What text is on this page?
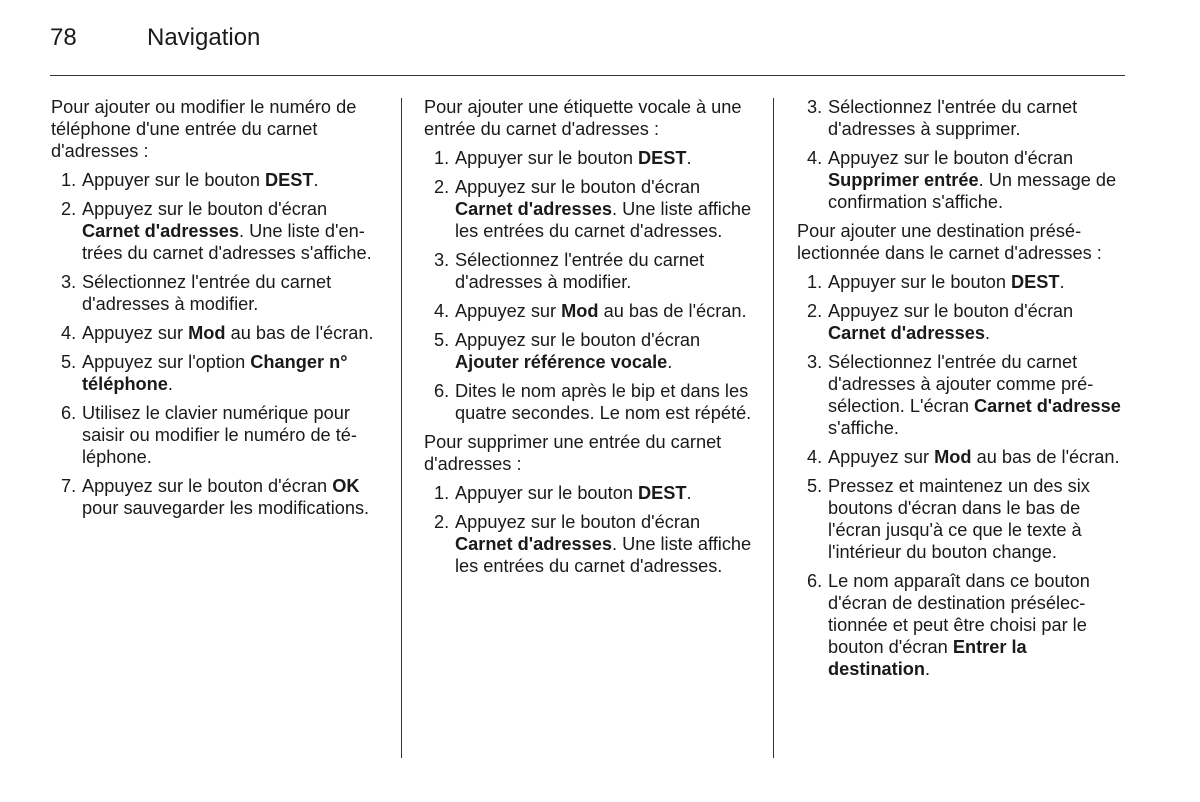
78	Navigation

Pour ajouter ou modifier le numéro de téléphone d'une entrée du carnet d'adresses :

1. Appuyer sur le bouton DEST.
2. Appuyez sur le bouton d'écran Carnet d'adresses. Une liste d'entrées du carnet d'adresses s'affiche.
3. Sélectionnez l'entrée du carnet d'adresses à modifier.
4. Appuyez sur Mod au bas de l'écran.
5. Appuyez sur l'option Changer n° téléphone.
6. Utilisez le clavier numérique pour saisir ou modifier le numéro de téléphone.
7. Appuyez sur le bouton d'écran OK pour sauvegarder les modifications.

Pour ajouter une étiquette vocale à une entrée du carnet d'adresses :

1. Appuyer sur le bouton DEST.
2. Appuyez sur le bouton d'écran Carnet d'adresses. Une liste affiche les entrées du carnet d'adresses.
3. Sélectionnez l'entrée du carnet d'adresses à modifier.
4. Appuyez sur Mod au bas de l'écran.
5. Appuyez sur le bouton d'écran Ajouter référence vocale.
6. Dites le nom après le bip et dans les quatre secondes. Le nom est répété.

Pour supprimer une entrée du carnet d'adresses :

1. Appuyer sur le bouton DEST.
2. Appuyez sur le bouton d'écran Carnet d'adresses. Une liste affiche les entrées du carnet d'adresses.
3. Sélectionnez l'entrée du carnet d'adresses à supprimer.
4. Appuyez sur le bouton d'écran Supprimer entrée. Un message de confirmation s'affiche.

Pour ajouter une destination présélectionnée dans le carnet d'adresses :

1. Appuyer sur le bouton DEST.
2. Appuyez sur le bouton d'écran Carnet d'adresses.
3. Sélectionnez l'entrée du carnet d'adresses à ajouter comme présélection. L'écran Carnet d'adresse s'affiche.
4. Appuyez sur Mod au bas de l'écran.
5. Pressez et maintenez un des six boutons d'écran dans le bas de l'écran jusqu'à ce que le texte à l'intérieur du bouton change.
6. Le nom apparaît dans ce bouton d'écran de destination présélectionnée et peut être choisi par le bouton d'écran Entrer la destination.
